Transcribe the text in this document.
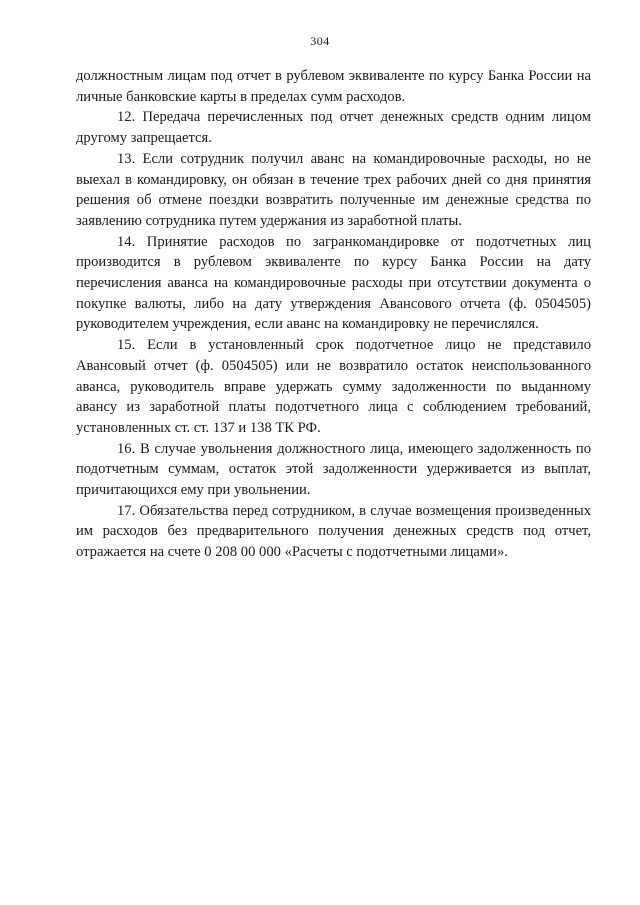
304

должностным лицам под отчет в рублевом эквиваленте по курсу Банка России на личные банковские карты в пределах сумм расходов.

12. Передача перечисленных под отчет денежных средств одним лицом другому запрещается.

13. Если сотрудник получил аванс на командировочные расходы, но не выехал в командировку, он обязан в течение трех рабочих дней со дня принятия решения об отмене поездки возвратить полученные им денежные средства по заявлению сотрудника путем удержания из заработной платы.

14. Принятие расходов по загранкомандировке от подотчетных лиц производится в рублевом эквиваленте по курсу Банка России на дату перечисления аванса на командировочные расходы при отсутствии документа о покупке валюты, либо на дату утверждения Авансового отчета (ф. 0504505) руководителем учреждения, если аванс на командировку не перечислялся.

15. Если в установленный срок подотчетное лицо не представило Авансовый отчет (ф. 0504505) или не возвратило остаток неиспользованного аванса, руководитель вправе удержать сумму задолженности по выданному авансу из заработной платы подотчетного лица с соблюдением требований, установленных ст. ст. 137 и 138 ТК РФ.

16. В случае увольнения должностного лица, имеющего задолженность по подотчетным суммам, остаток этой задолженности удерживается из выплат, причитающихся ему при увольнении.

17. Обязательства перед сотрудником, в случае возмещения произведенных им расходов без предварительного получения денежных средств под отчет, отражается на счете 0 208 00 000 «Расчеты с подотчетными лицами».
